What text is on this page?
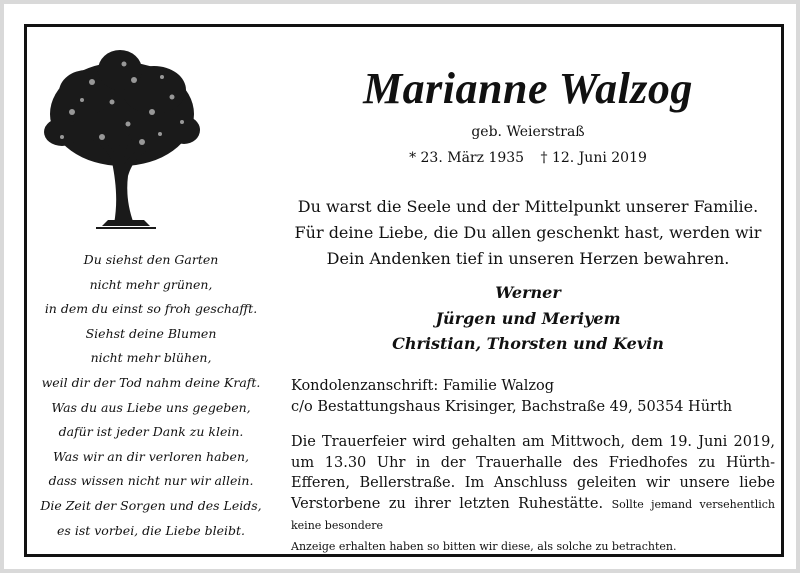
Du siehst den Garten
nicht mehr grünen,
in dem du einst so froh geschafft.
Siehst deine Blumen
nicht mehr blühen,
weil dir der Tod nahm deine Kraft.
Was du aus Liebe uns gegeben,
dafür ist jeder Dank zu klein.
Was wir an dir verloren haben,
dass wissen nicht nur wir allein.
Die Zeit der Sorgen und des Leids,
es ist vorbei, die Liebe bleibt.
Marianne Walzog
geb. Weierstraß
* 23. März 1935 † 12. Juni 2019
Du warst die Seele und der Mittelpunkt unserer Familie.
Für deine Liebe, die Du allen geschenkt hast, werden wir
Dein Andenken tief in unseren Herzen bewahren.
Werner
Jürgen und Meriyem
Christian, Thorsten und Kevin
Kondolenzanschrift: Familie Walzog
c/o Bestattungshaus Krisinger, Bachstraße 49, 50354 Hürth
Die Trauerfeier wird gehalten am Mittwoch, dem 19. Juni 2019, um 13.30 Uhr in der Trauerhalle des Friedhofes zu Hürth-Efferen, Bellerstraße. Im Anschluss geleiten wir unsere liebe Verstorbene zu ihrer letzten Ruhestätte. Sollte jemand versehentlich keine besondere
Anzeige erhalten haben so bitten wir diese, als solche zu betrachten.
